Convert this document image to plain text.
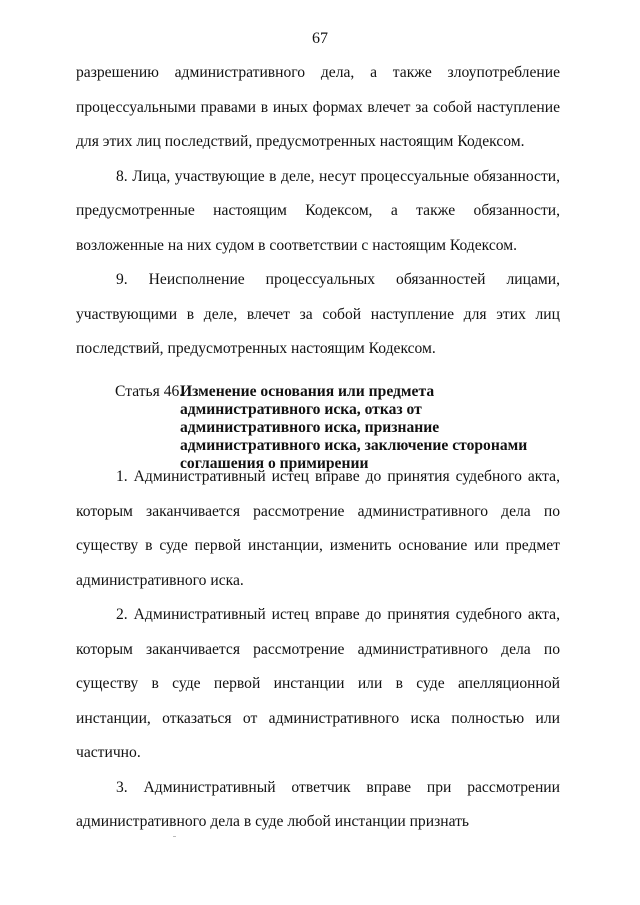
67

разрешению административного дела, а также злоупотребление процессуальными правами в иных формах влечет за собой наступление для этих лиц последствий, предусмотренных настоящим Кодексом.

8. Лица, участвующие в деле, несут процессуальные обязанности, предусмотренные настоящим Кодексом, а также обязанности, возложенные на них судом в соответствии с настоящим Кодексом.

9. Неисполнение процессуальных обязанностей лицами, участвующими в деле, влечет за собой наступление для этих лиц последствий, предусмотренных настоящим Кодексом.

Статья 46.
Изменение основания или предмета административного иска, отказ от административного иска, признание административного иска, заключение сторонами соглашения о примирении

1. Административный истец вправе до принятия судебного акта, которым заканчивается рассмотрение административного дела по существу в суде первой инстанции, изменить основание или предмет административного иска.

2. Административный истец вправе до принятия судебного акта, которым заканчивается рассмотрение административного дела по существу в суде первой инстанции или в суде апелляционной инстанции, отказаться от административного иска полностью или частично.

3. Административный ответчик вправе при рассмотрении административного дела в суде любой инстанции признать
